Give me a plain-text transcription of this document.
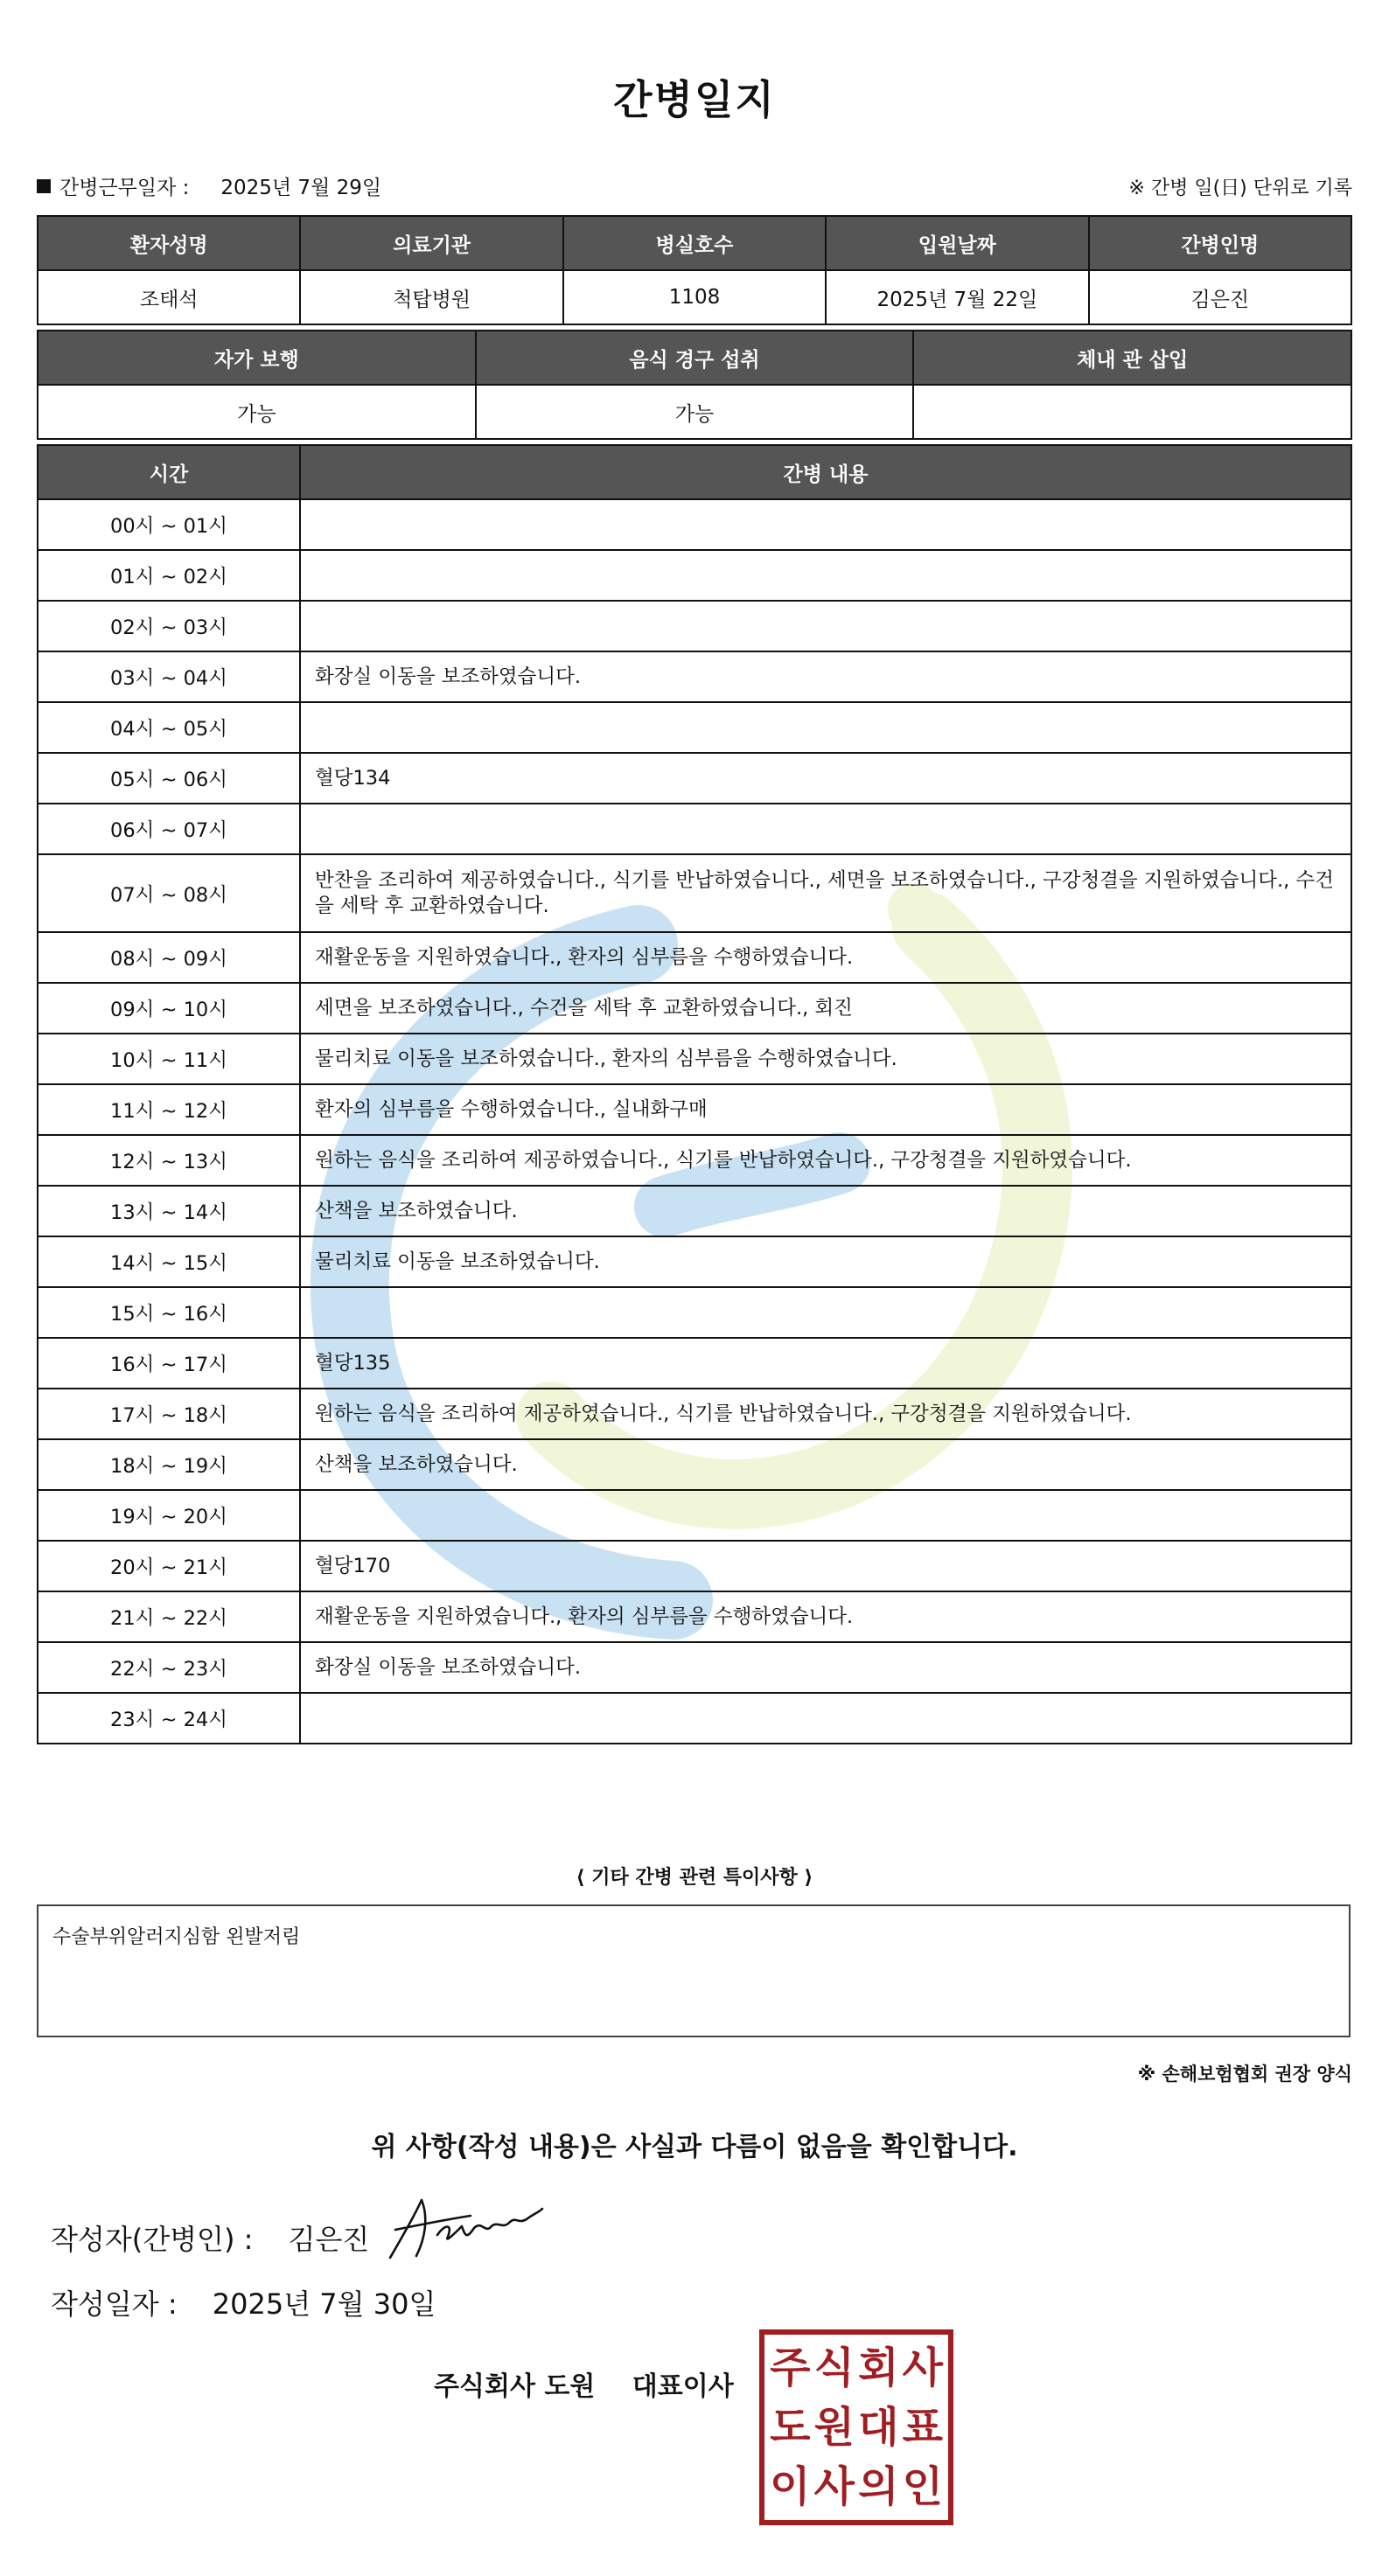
간병일지
간병근무일자 : 2025년 7월 29일	※ 간병 일(日) 단위로 기록
환자성명	의료기관	병실호수	입원날짜	간병인명
조태석	척탑병원	1108	2025년 7월 22일	김은진
자가 보행	음식 경구 섭취	체내 관 삽입
가능	가능	
시간	간병 내용
00시 ~ 01시	
01시 ~ 02시	
02시 ~ 03시	
03시 ~ 04시	화장실 이동을 보조하였습니다.
04시 ~ 05시	
05시 ~ 06시	혈당134
06시 ~ 07시	
07시 ~ 08시	반찬을 조리하여 제공하였습니다., 식기를 반납하였습니다., 세면을 보조하였습니다., 구강청결을 지원하였습니다., 수건을 세탁 후 교환하였습니다.
08시 ~ 09시	재활운동을 지원하였습니다., 환자의 심부름을 수행하였습니다.
09시 ~ 10시	세면을 보조하였습니다., 수건을 세탁 후 교환하였습니다., 회진
10시 ~ 11시	물리치료 이동을 보조하였습니다., 환자의 심부름을 수행하였습니다.
11시 ~ 12시	환자의 심부름을 수행하였습니다., 실내화구매
12시 ~ 13시	원하는 음식을 조리하여 제공하였습니다., 식기를 반납하였습니다., 구강청결을 지원하였습니다.
13시 ~ 14시	산책을 보조하였습니다.
14시 ~ 15시	물리치료 이동을 보조하였습니다.
15시 ~ 16시	
16시 ~ 17시	혈당135
17시 ~ 18시	원하는 음식을 조리하여 제공하였습니다., 식기를 반납하였습니다., 구강청결을 지원하였습니다.
18시 ~ 19시	산책을 보조하였습니다.
19시 ~ 20시	
20시 ~ 21시	혈당170
21시 ~ 22시	재활운동을 지원하였습니다., 환자의 심부름을 수행하였습니다.
22시 ~ 23시	화장실 이동을 보조하였습니다.
23시 ~ 24시	
⟨ 기타 간병 관련 특이사항 ⟩
수술부위알러지심함 왼발저림
※ 손해보험협회 권장 양식
위 사항(작성 내용)은 사실과 다름이 없음을 확인합니다.
작성자(간병인) : 김은진
작성일자 : 2025년 7월 30일
주식회사 도원 대표이사 주 식 회 사
도 원 대 표
이 사 의 인
